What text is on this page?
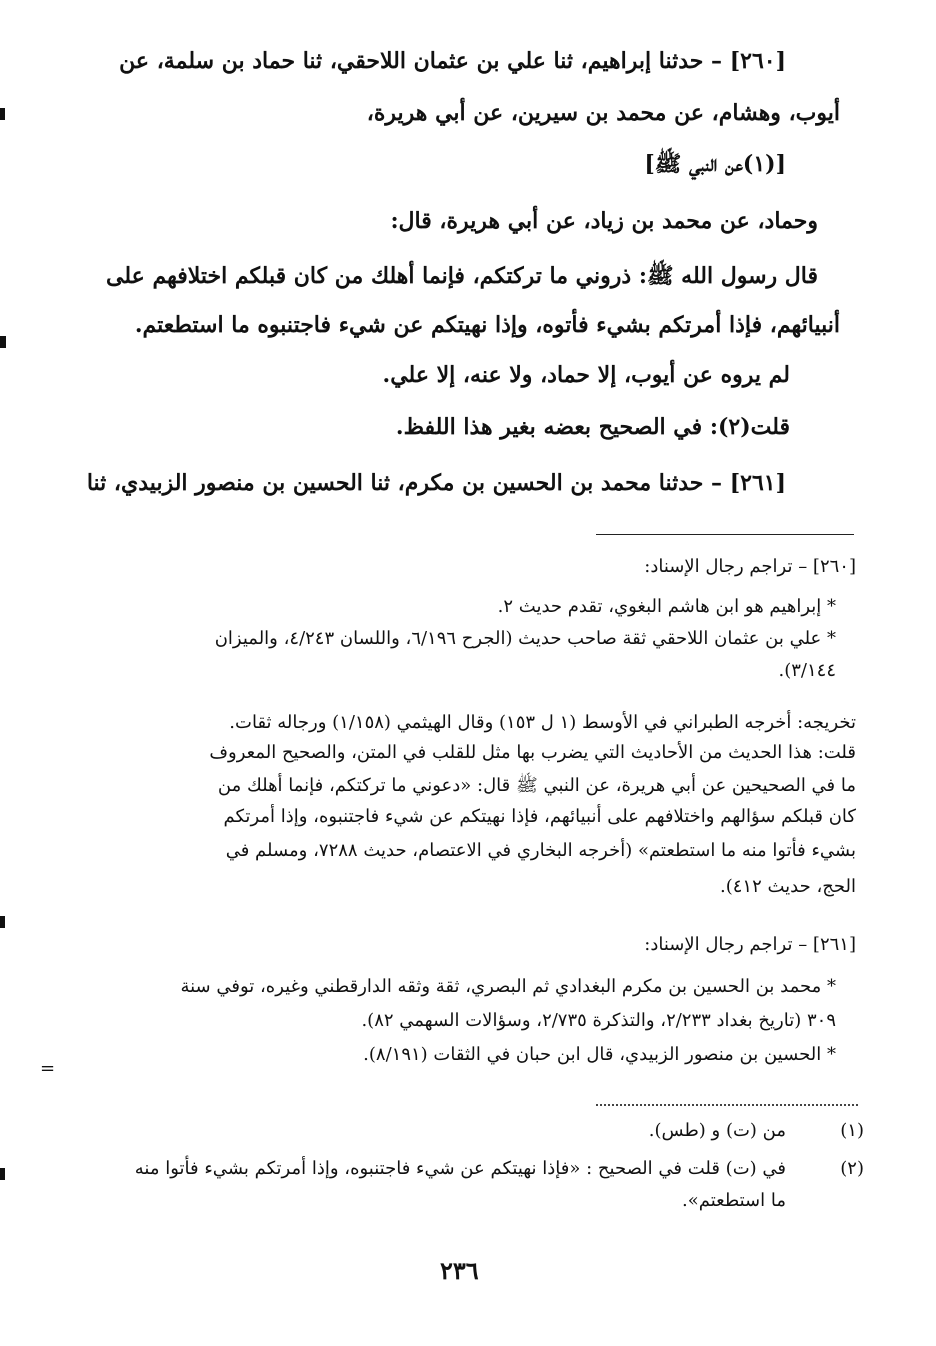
[٢٦٠] – حدثنا إبراهيم، ثنا علي بن عثمان اللاحقي، ثنا حماد بن سلمة، عن
أيوب، وهشام، عن محمد بن سيرين، عن أبي هريرة،
[(١)عن النبي ﷺ]
وحماد، عن محمد بن زياد، عن أبي هريرة، قال:
قال رسول الله ﷺ: ذروني ما تركتكم، فإنما أهلك من كان قبلكم اختلافهم على
أنبيائهم، فإذا أمرتكم بشيء فأتوه، وإذا نهيتكم عن شيء فاجتنبوه ما استطعتم.
لم يروه عن أيوب، إلا حماد، ولا عنه، إلا علي.
قلت(٢): في الصحيح بعضه بغير هذا اللفظ.
[٢٦١] – حدثنا محمد بن الحسين بن مكرم، ثنا الحسين بن منصور الزبيدي، ثنا
[٢٦٠] – تراجم رجال الإسناد:
* إبراهيم هو ابن هاشم البغوي، تقدم حديث ٢.
* علي بن عثمان اللاحقي ثقة صاحب حديث (الجرح ٦/١٩٦، واللسان ٤/٢٤٣، والميزان
٣/١٤٤).
تخريجه: أخرجه الطبراني في الأوسط (١ ل ١٥٣) وقال الهيثمي (١/١٥٨) ورجاله ثقات.
قلت: هذا الحديث من الأحاديث التي يضرب بها مثل للقلب في المتن، والصحيح المعروف
ما في الصحيحين عن أبي هريرة، عن النبي ﷺ قال: «دعوني ما تركتكم، فإنما أهلك من
كان قبلكم سؤالهم واختلافهم على أنبيائهم، فإذا نهيتكم عن شيء فاجتنبوه، وإذا أمرتكم
بشيء فأتوا منه ما استطعتم» (أخرجه البخاري في الاعتصام، حديث ٧٢٨٨، ومسلم في
الحج، حديث ٤١٢).
[٢٦١] – تراجم رجال الإسناد:
* محمد بن الحسين بن مكرم البغدادي ثم البصري، ثقة وثقه الدارقطني وغيره، توفي سنة
٣٠٩ (تاريخ بغداد ٢/٢٣٣، والتذكرة ٢/٧٣٥، وسؤالات السهمي ٨٢).
* الحسين بن منصور الزبيدي، قال ابن حبان في الثقات (٨/١٩١).
(١)
من (ت) و (طس).
(٢)
في (ت) قلت في الصحيح : «فإذا نهيتكم عن شيء فاجتنبوه، وإذا أمرتكم بشيء فأتوا منه
ما استطعتم».
٢٣٦
=
